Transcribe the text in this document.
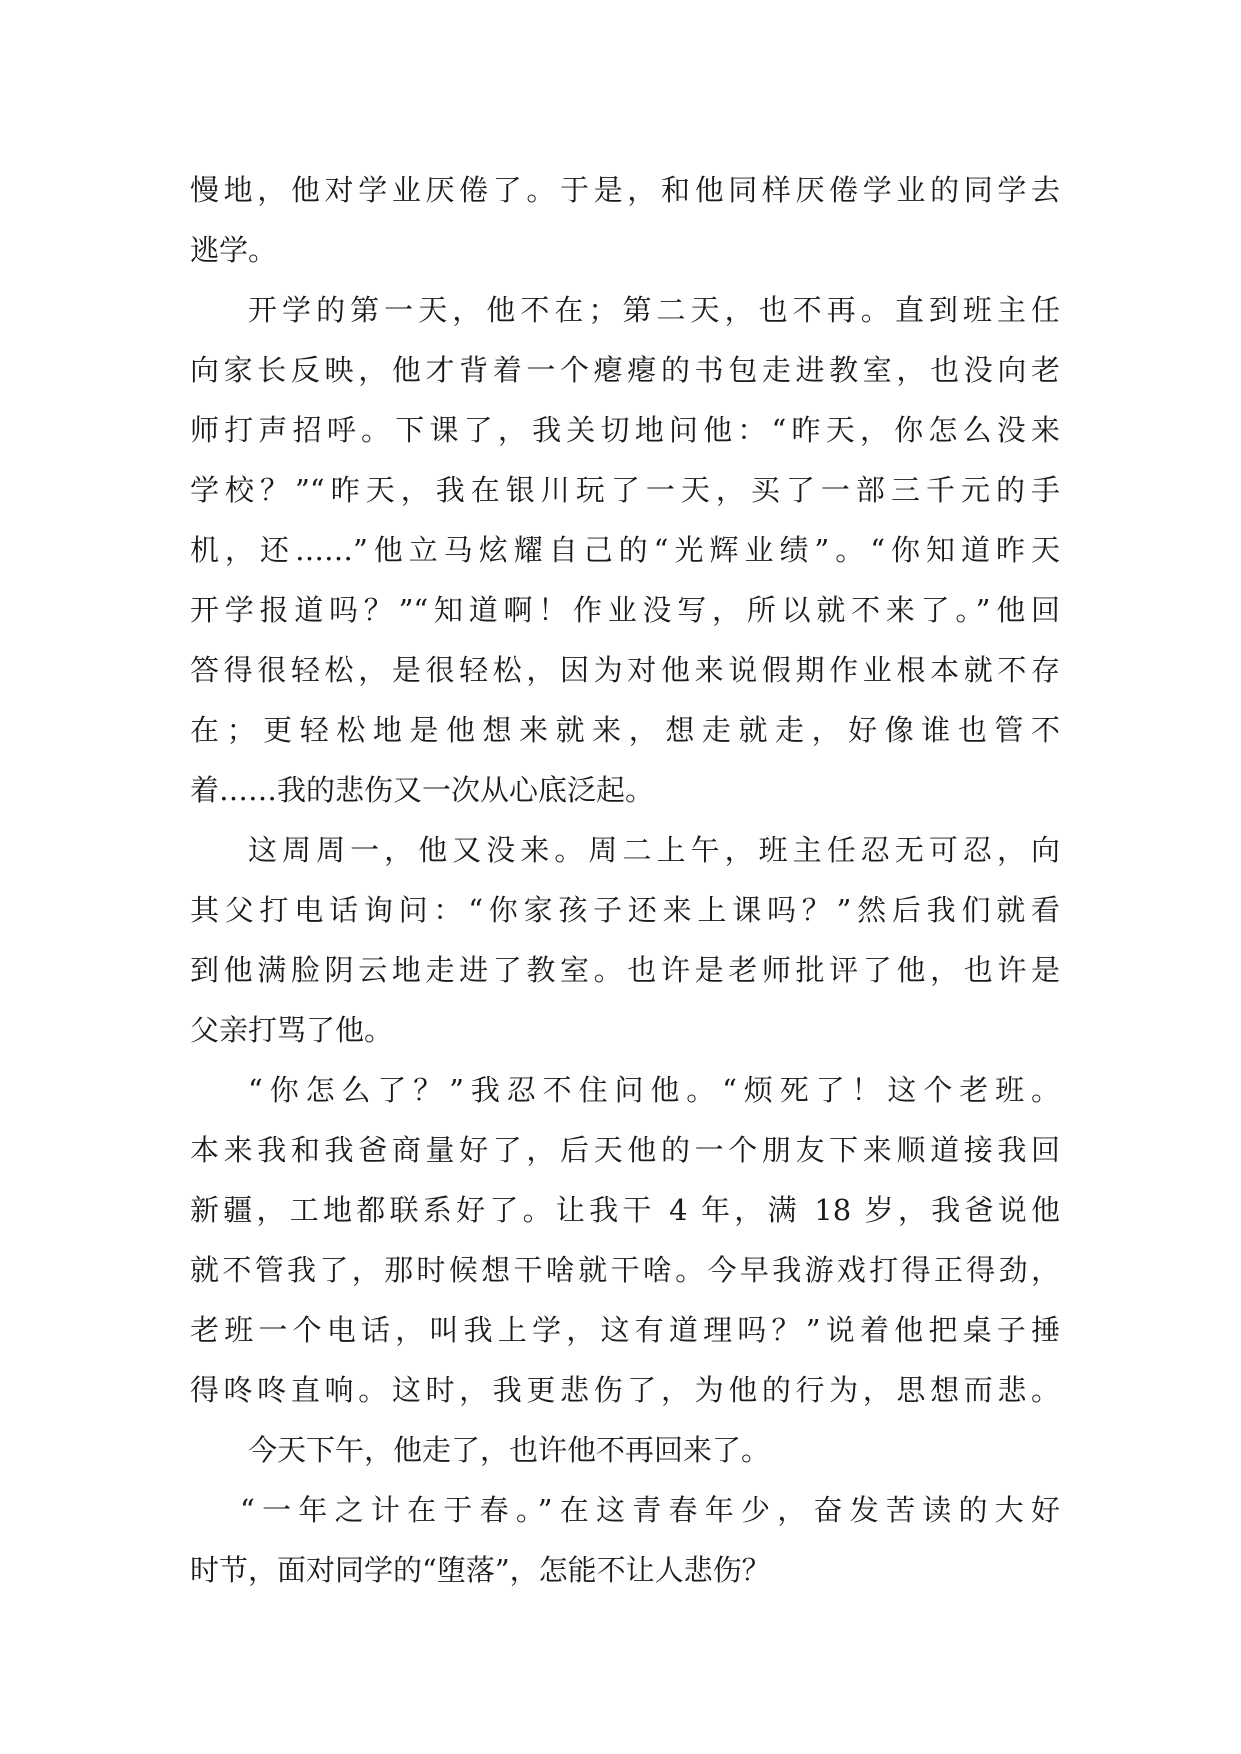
慢地，他对学业厌倦了。于是，和他同样厌倦学业的同学去
逃学。
开学的第一天，他不在；第二天，也不再。直到班主任
向家长反映，他才背着一个瘪瘪的书包走进教室，也没向老
师打声招呼。下课了，我关切地问他：“昨天，你怎么没来
学校？”“昨天，我在银川玩了一天，买了一部三千元的手
机，还……”他立马炫耀自己的“光辉业绩”。“你知道昨天
开学报道吗？”“知道啊！作业没写，所以就不来了。”他回
答得很轻松，是很轻松，因为对他来说假期作业根本就不存
在；更轻松地是他想来就来，想走就走，好像谁也管不
着……我的悲伤又一次从心底泛起。
这周周一，他又没来。周二上午，班主任忍无可忍，向
其父打电话询问：“你家孩子还来上课吗？”然后我们就看
到他满脸阴云地走进了教室。也许是老师批评了他，也许是
父亲打骂了他。
“你怎么了？”我忍不住问他。“烦死了！这个老班。
本来我和我爸商量好了，后天他的一个朋友下来顺道接我回
新疆，工地都联系好了。让我干 4 年，满 18 岁，我爸说他
就不管我了，那时候想干啥就干啥。今早我游戏打得正得劲，
老班一个电话，叫我上学，这有道理吗？”说着他把桌子捶
得咚咚直响。这时，我更悲伤了，为他的行为，思想而悲。
今天下午，他走了，也许他不再回来了。
“一年之计在于春。”在这青春年少，奋发苦读的大好
时节，面对同学的“堕落”，怎能不让人悲伤？
